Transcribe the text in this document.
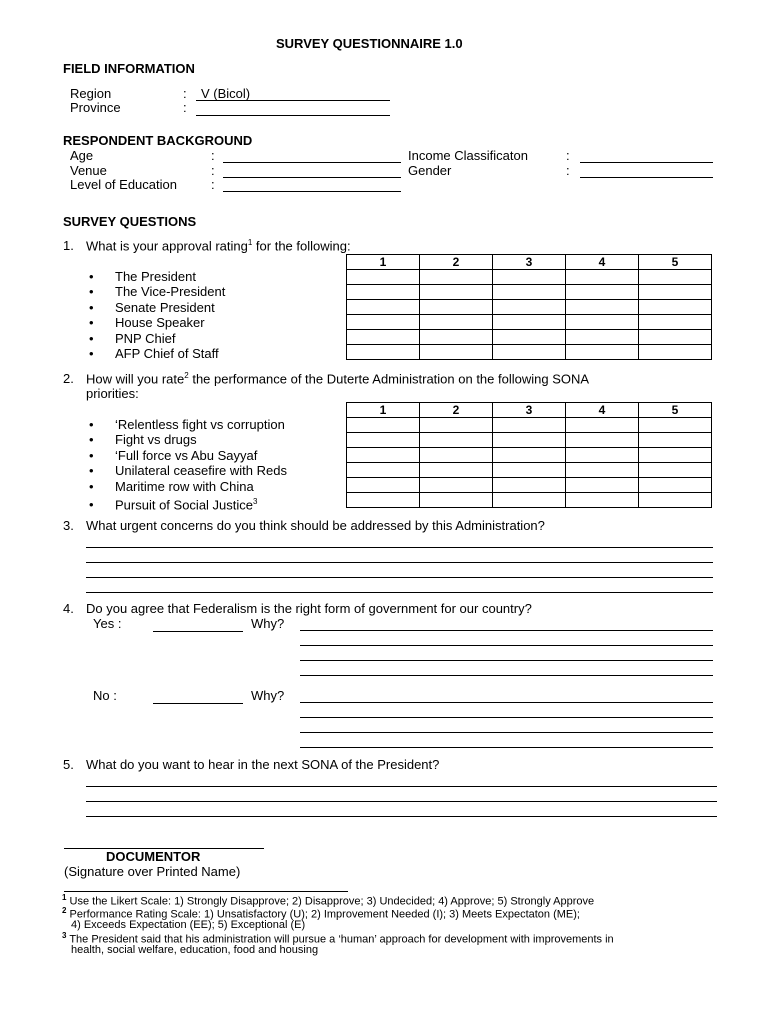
SURVEY QUESTIONNAIRE 1.0
FIELD INFORMATION
Region	: V (Bicol)
Province	:
RESPONDENT BACKGROUND
Age	:
Venue	:
Level of Education	:
Income Classificaton	:
Gender	:
SURVEY QUESTIONS
1. What is your approval rating$^1$ for the following:
1	2	3	4	5

• The President
• The Vice-President
• Senate President
• House Speaker
• PNP Chief
• AFP Chief of Staff
2. How will you rate$^2$ the performance of the Duterte Administration on the following SONA
priorities:
1	2	3	4	5

• ‘Relentless fight vs corruption
• Fight vs drugs
• ‘Full force vs Abu Sayyaf
• Unilateral ceasefire with Reds
• Maritime row with China
• Pursuit of Social Justice$^3$
3. What urgent concerns do you think should be addressed by this Administration?
4. Do you agree that Federalism is the right form of government for our country?
Yes :	Why?
No :	Why?
5. What do you want to hear in the next SONA of the President?
DOCUMENTOR
(Signature over Printed Name)
$^1$ Use the Likert Scale: 1) Strongly Disapprove; 2) Disapprove; 3) Undecided; 4) Approve; 5) Strongly Approve
$^2$ Performance Rating Scale: 1) Unsatisfactory (U); 2) Improvement Needed (I); 3) Meets Expectaton (ME);
4) Exceeds Expectation (EE); 5) Exceptional (E)
$^3$ The President said that his administration will pursue a ‘human’ approach for development with improvements in
health, social welfare, education, food and housing
